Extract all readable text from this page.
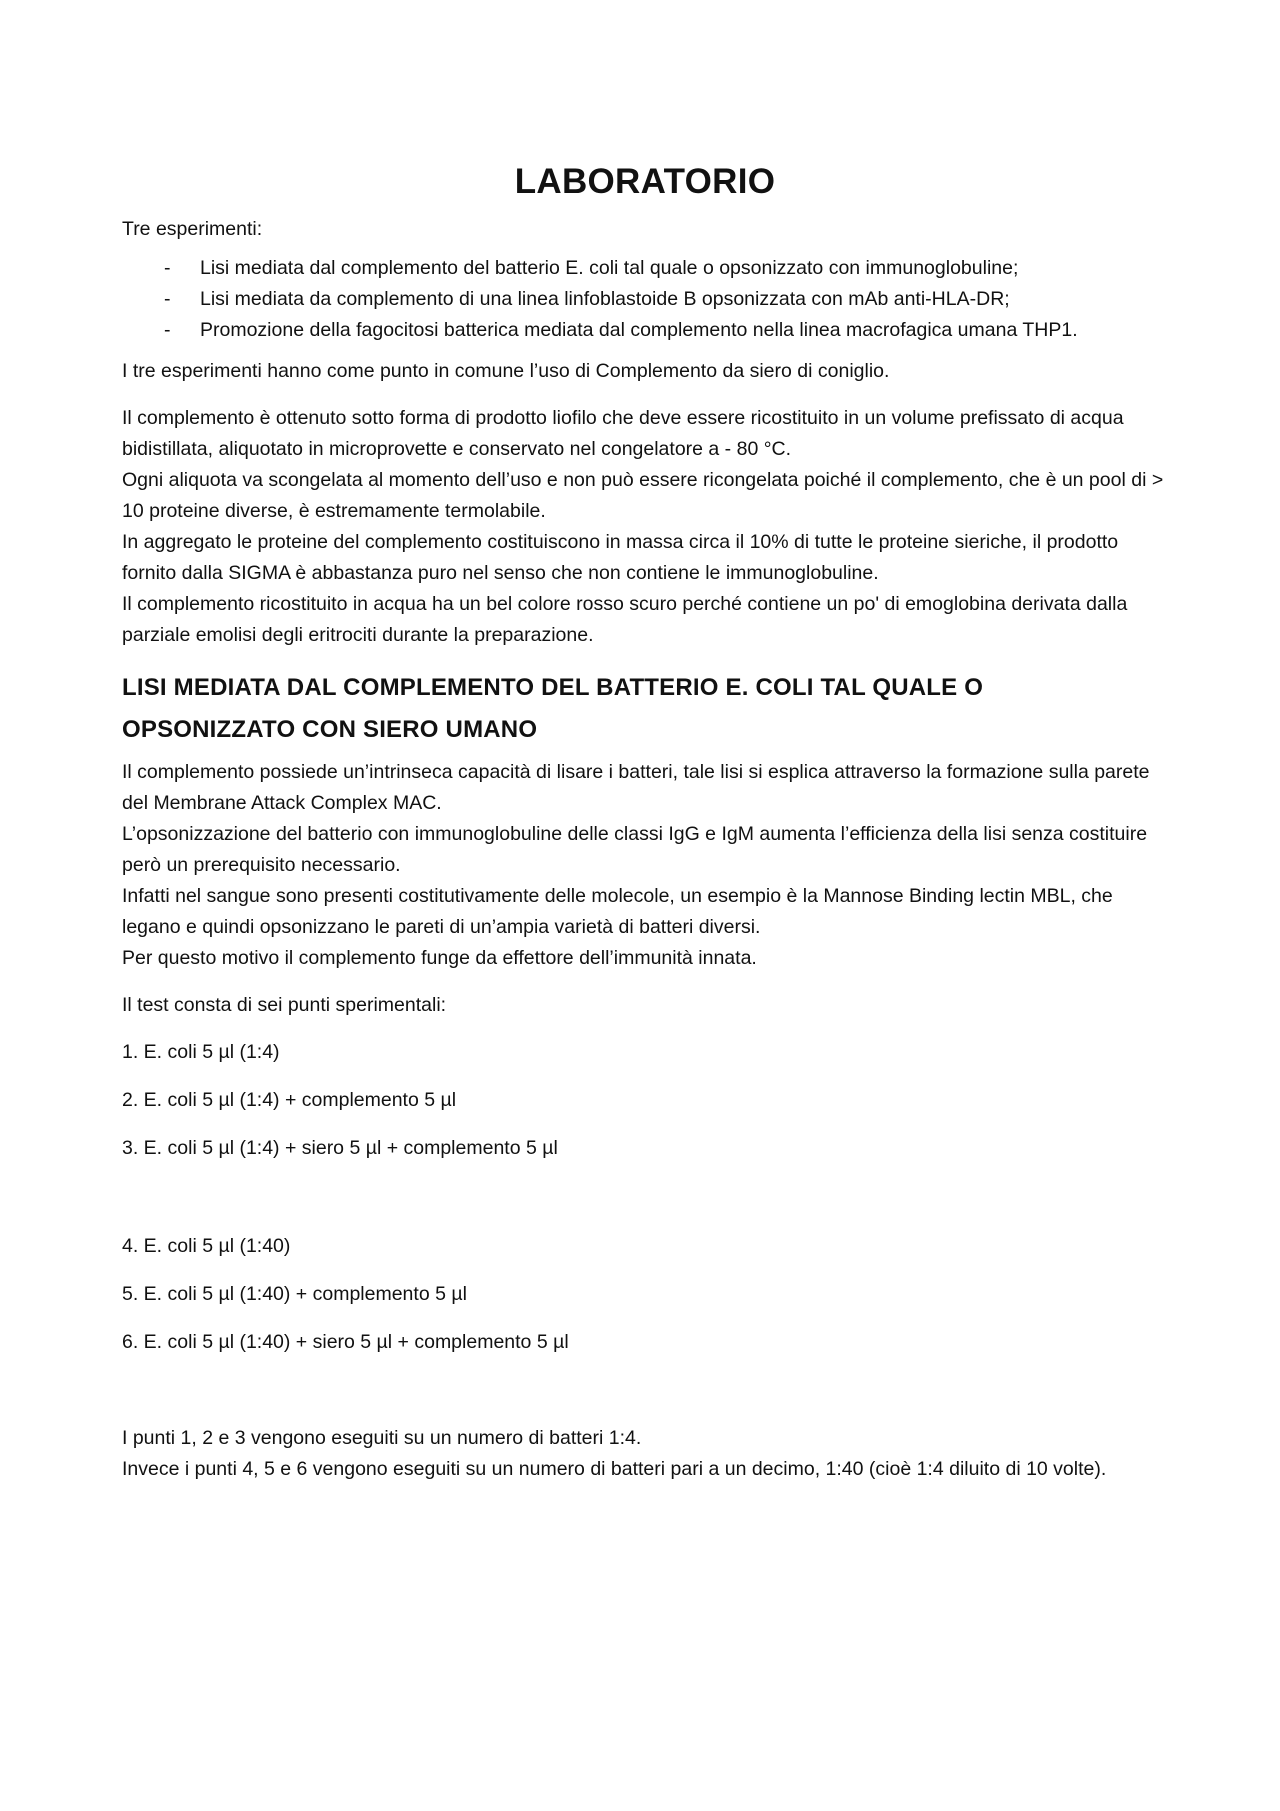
LABORATORIO

Tre esperimenti:

- Lisi mediata dal complemento del batterio E. coli tal quale o opsonizzato con immunoglobuline;
- Lisi mediata da complemento di una linea linfoblastoide B opsonizzata con mAb anti-HLA-DR;
- Promozione della fagocitosi batterica mediata dal complemento nella linea macrofagica umana THP1.

I tre esperimenti hanno come punto in comune l’uso di Complemento da siero di coniglio.

Il complemento è ottenuto sotto forma di prodotto liofilo che deve essere ricostituito in un volume prefissato di acqua bidistillata, aliquotato in microprovette e conservato nel congelatore a - 80 °C.
Ogni aliquota va scongelata al momento dell’uso e non può essere ricongelata poiché il complemento, che è un pool di > 10 proteine diverse, è estremamente termolabile.
In aggregato le proteine del complemento costituiscono in massa circa il 10% di tutte le proteine sieriche, il prodotto fornito dalla SIGMA è abbastanza puro nel senso che non contiene le immunoglobuline.
Il complemento ricostituito in acqua ha un bel colore rosso scuro perché contiene un po' di emoglobina derivata dalla parziale emolisi degli eritrociti durante la preparazione.
LISI MEDIATA DAL COMPLEMENTO DEL BATTERIO E. COLI TAL QUALE O
OPSONIZZATO CON SIERO UMANO
Il complemento possiede un’intrinseca capacità di lisare i batteri, tale lisi si esplica attraverso la formazione sulla parete del Membrane Attack Complex MAC.
L’opsonizzazione del batterio con immunoglobuline delle classi IgG e IgM aumenta l’efficienza della lisi senza costituire però un prerequisito necessario.
Infatti nel sangue sono presenti costitutivamente delle molecole, un esempio è la Mannose Binding lectin MBL, che legano e quindi opsonizzano le pareti di un’ampia varietà di batteri diversi.
Per questo motivo il complemento funge da effettore dell’immunità innata.

Il test consta di sei punti sperimentali:

1. E. coli 5 µl (1:4)

2. E. coli 5 µl (1:4) + complemento 5 µl

3. E. coli 5 µl (1:4) + siero 5 µl + complemento 5 µl

4. E. coli 5 µl (1:40)

5. E. coli 5 µl (1:40) + complemento 5 µl

6. E. coli 5 µl (1:40) + siero 5 µl + complemento 5 µl

I punti 1, 2 e 3 vengono eseguiti su un numero di batteri 1:4.
Invece i punti 4, 5 e 6 vengono eseguiti su un numero di batteri pari a un decimo, 1:40 (cioè 1:4 diluito di 10 volte).
